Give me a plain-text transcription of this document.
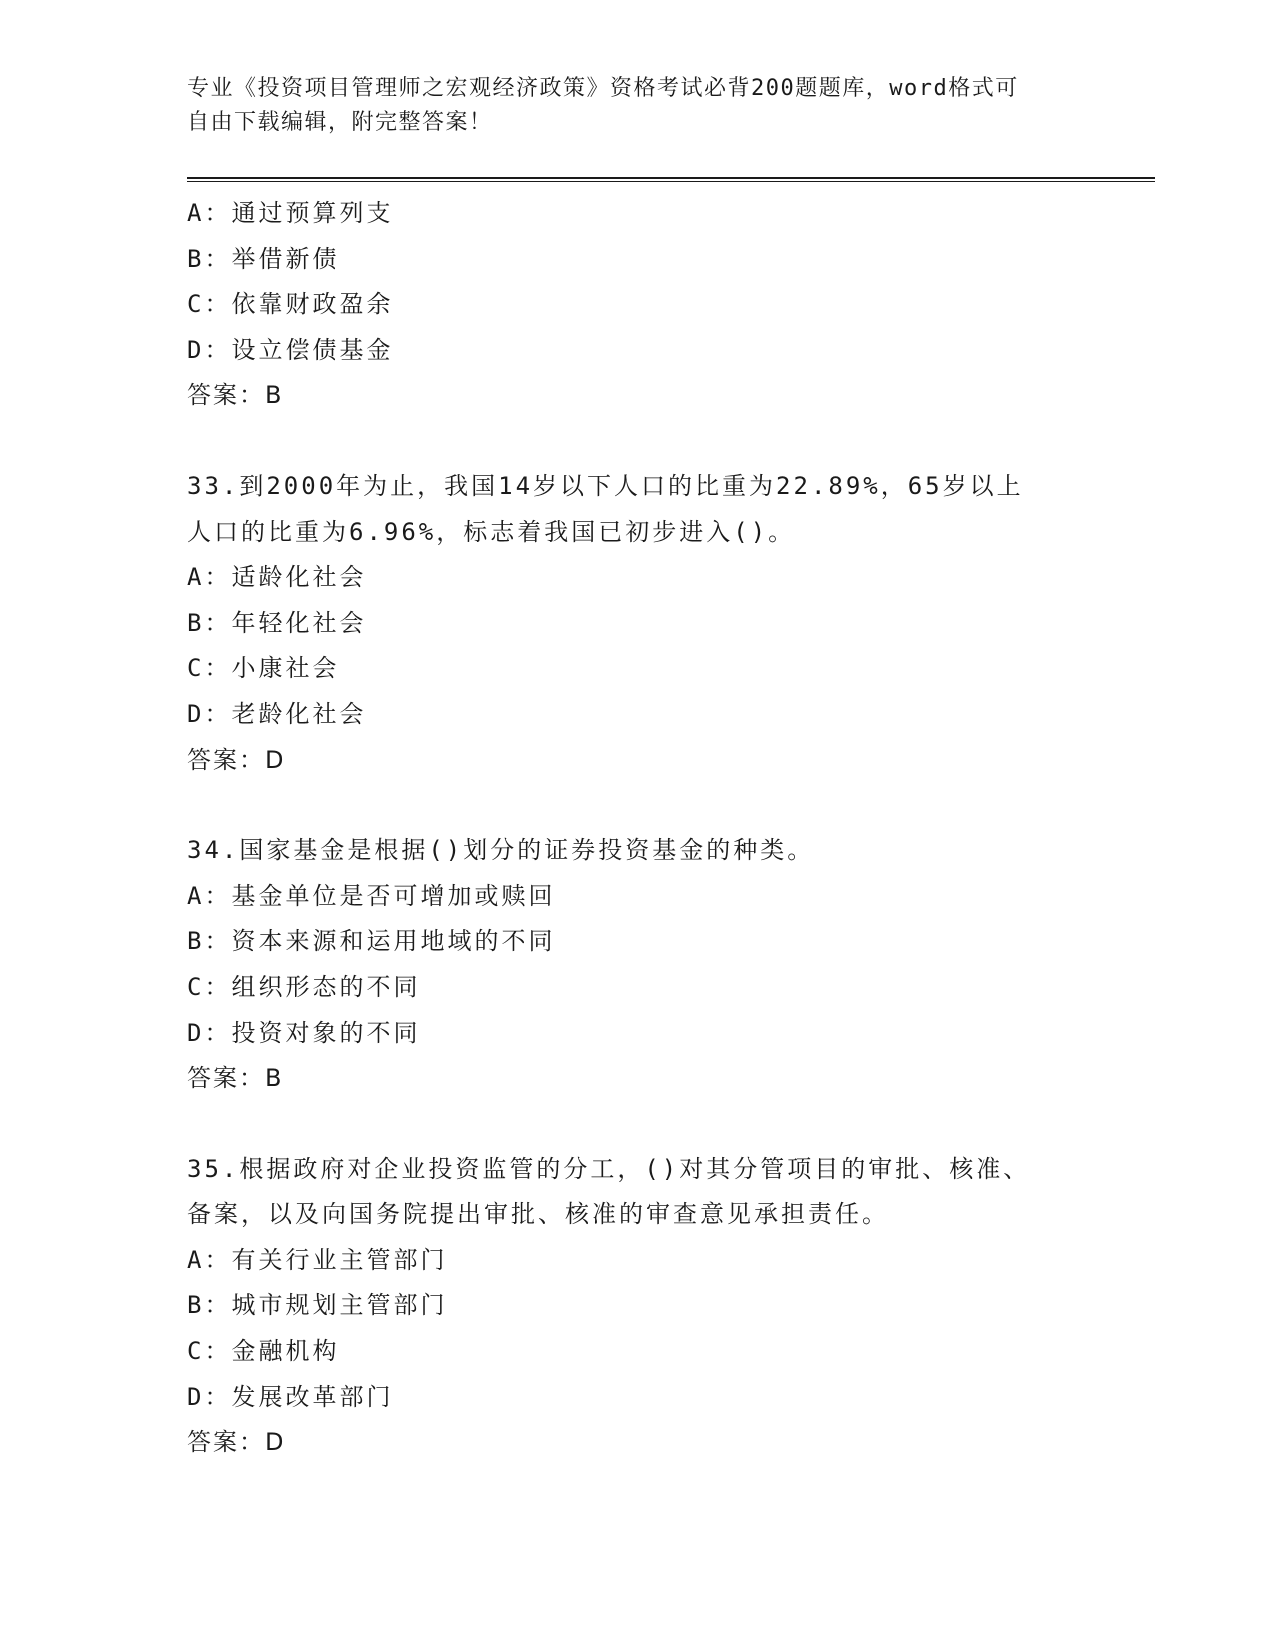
专业《投资项目管理师之宏观经济政策》资格考试必背200题题库，word格式可
自由下载编辑，附完整答案！
A：通过预算列支
B：举借新债
C：依靠财政盈余
D：设立偿债基金
答案：B
33.到2000年为止，我国14岁以下人口的比重为22.89%，65岁以上
人口的比重为6.96%，标志着我国已初步进入()。
A：适龄化社会
B：年轻化社会
C：小康社会
D：老龄化社会
答案：D
34.国家基金是根据()划分的证券投资基金的种类。
A：基金单位是否可增加或赎回
B：资本来源和运用地域的不同
C：组织形态的不同
D：投资对象的不同
答案：B
35.根据政府对企业投资监管的分工，()对其分管项目的审批、核准、
备案，以及向国务院提出审批、核准的审查意见承担责任。
A：有关行业主管部门
B：城市规划主管部门
C：金融机构
D：发展改革部门
答案：D
